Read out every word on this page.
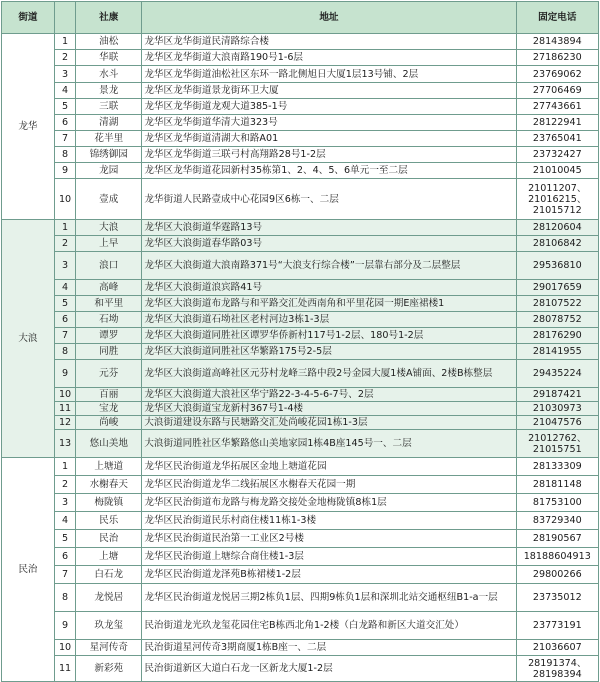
街道		社康	地址	固定电话
龙华	1	油松	龙华区龙华街道民清路综合楼	28143894

	2	华联	龙华区龙华街道大浪南路190号1-6层	27186230

	3	水斗	龙华区龙华街道油松社区东环一路北侧旭日大厦1层13号铺、2层	23769062

	4	景龙	龙华区龙华街道景龙街环卫大厦	27706469

	5	三联	龙华区龙华街道龙观大道385-1号	27743661

	6	清湖	龙华区龙华街道华清大道323号	28122941

	7	花半里	龙华区龙华街道清湖大和路A01	23765041

	8	锦绣御园	龙华区龙华街道三联弓村高翔路28号1-2层	23732427

	9	龙园	龙华区龙华街道花园新村35栋第1、2、4、5、6单元一至二层	21010045

	10	壹成	龙华街道人民路壹成中心花园9区6栋一、二层	21011207、
21016215、
21015712

大浪	1	大浪	龙华区大浪街道华霆路13号	28120604

	2	上早	龙华区大浪街道春华路03号	28106842

	3	浪口	龙华区大浪街道大浪南路371号“大浪支行综合楼”一层靠右部分及二层整层	29536810

	4	高峰	龙华区大浪街道浪宾路41号	29017659

	5	和平里	龙华区大浪街道布龙路与和平路交汇处西南角和平里花园一期E座裙楼1	28107522

	6	石坳	龙华区大浪街道石坳社区老村河边3栋1-3层	28078752

	7	谭罗	龙华区大浪街道同胜社区谭罗华侨新村117号1-2层、180号1-2层	28176290

	8	同胜	龙华区大浪街道同胜社区华繁路175号2-5层	28141955

	9	元芬	龙华区大浪街道高峰社区元芬村龙峰三路中段2号金园大厦1楼A铺面、2楼B栋整层	29435224

	10	百丽	龙华区大浪街道大浪社区华宁路22-3-4-5-6-7号、2层	29187421

	11	宝龙	龙华区大浪街道宝龙新村367号1-4楼	21030973

	12	尚峻	大浪街道建设东路与民塘路交汇处尚峻花园1栋1-3层	21047576

	13	悠山美地	大浪街道同胜社区华繁路悠山美地家园1栋4B座145号一、二层	21012762、
21015751

民治	1	上塘道	龙华区民治街道龙华拓展区金地上塘道花园	28133309

	2	水榭春天	龙华区民治街道龙华二线拓展区水榭春天花园一期	28181148

	3	梅陇镇	龙华区民治街道布龙路与梅龙路交接处金地梅陇镇8栋1层	81753100

	4	民乐	龙华区民治街道民乐村商住楼11栋1-3楼	83729340

	5	民治	龙华区民治街道民治第一工业区2号楼	28190567

	6	上塘	龙华区民治街道上塘综合商住楼1-3层	18188604913

	7	白石龙	龙华区民治街道龙泽苑B栋裙楼1-2层	29800266

	8	龙悦居	龙华区民治街道龙悦居三期2栋负1层、四期9栋负1层和深圳北站交通枢纽B1-a一层	23735012

	9	玖龙玺	民治街道龙光玖龙玺花园住宅B栋西北角1-2楼（白龙路和新区大道交汇处）	23773191

	10	星河传奇	民治街道星河传奇3期商厦1栋B座一、二层	21036607

	11	新彩苑	民治街道新区大道白石龙一区新龙大厦1-2层	28191374、
28198394
